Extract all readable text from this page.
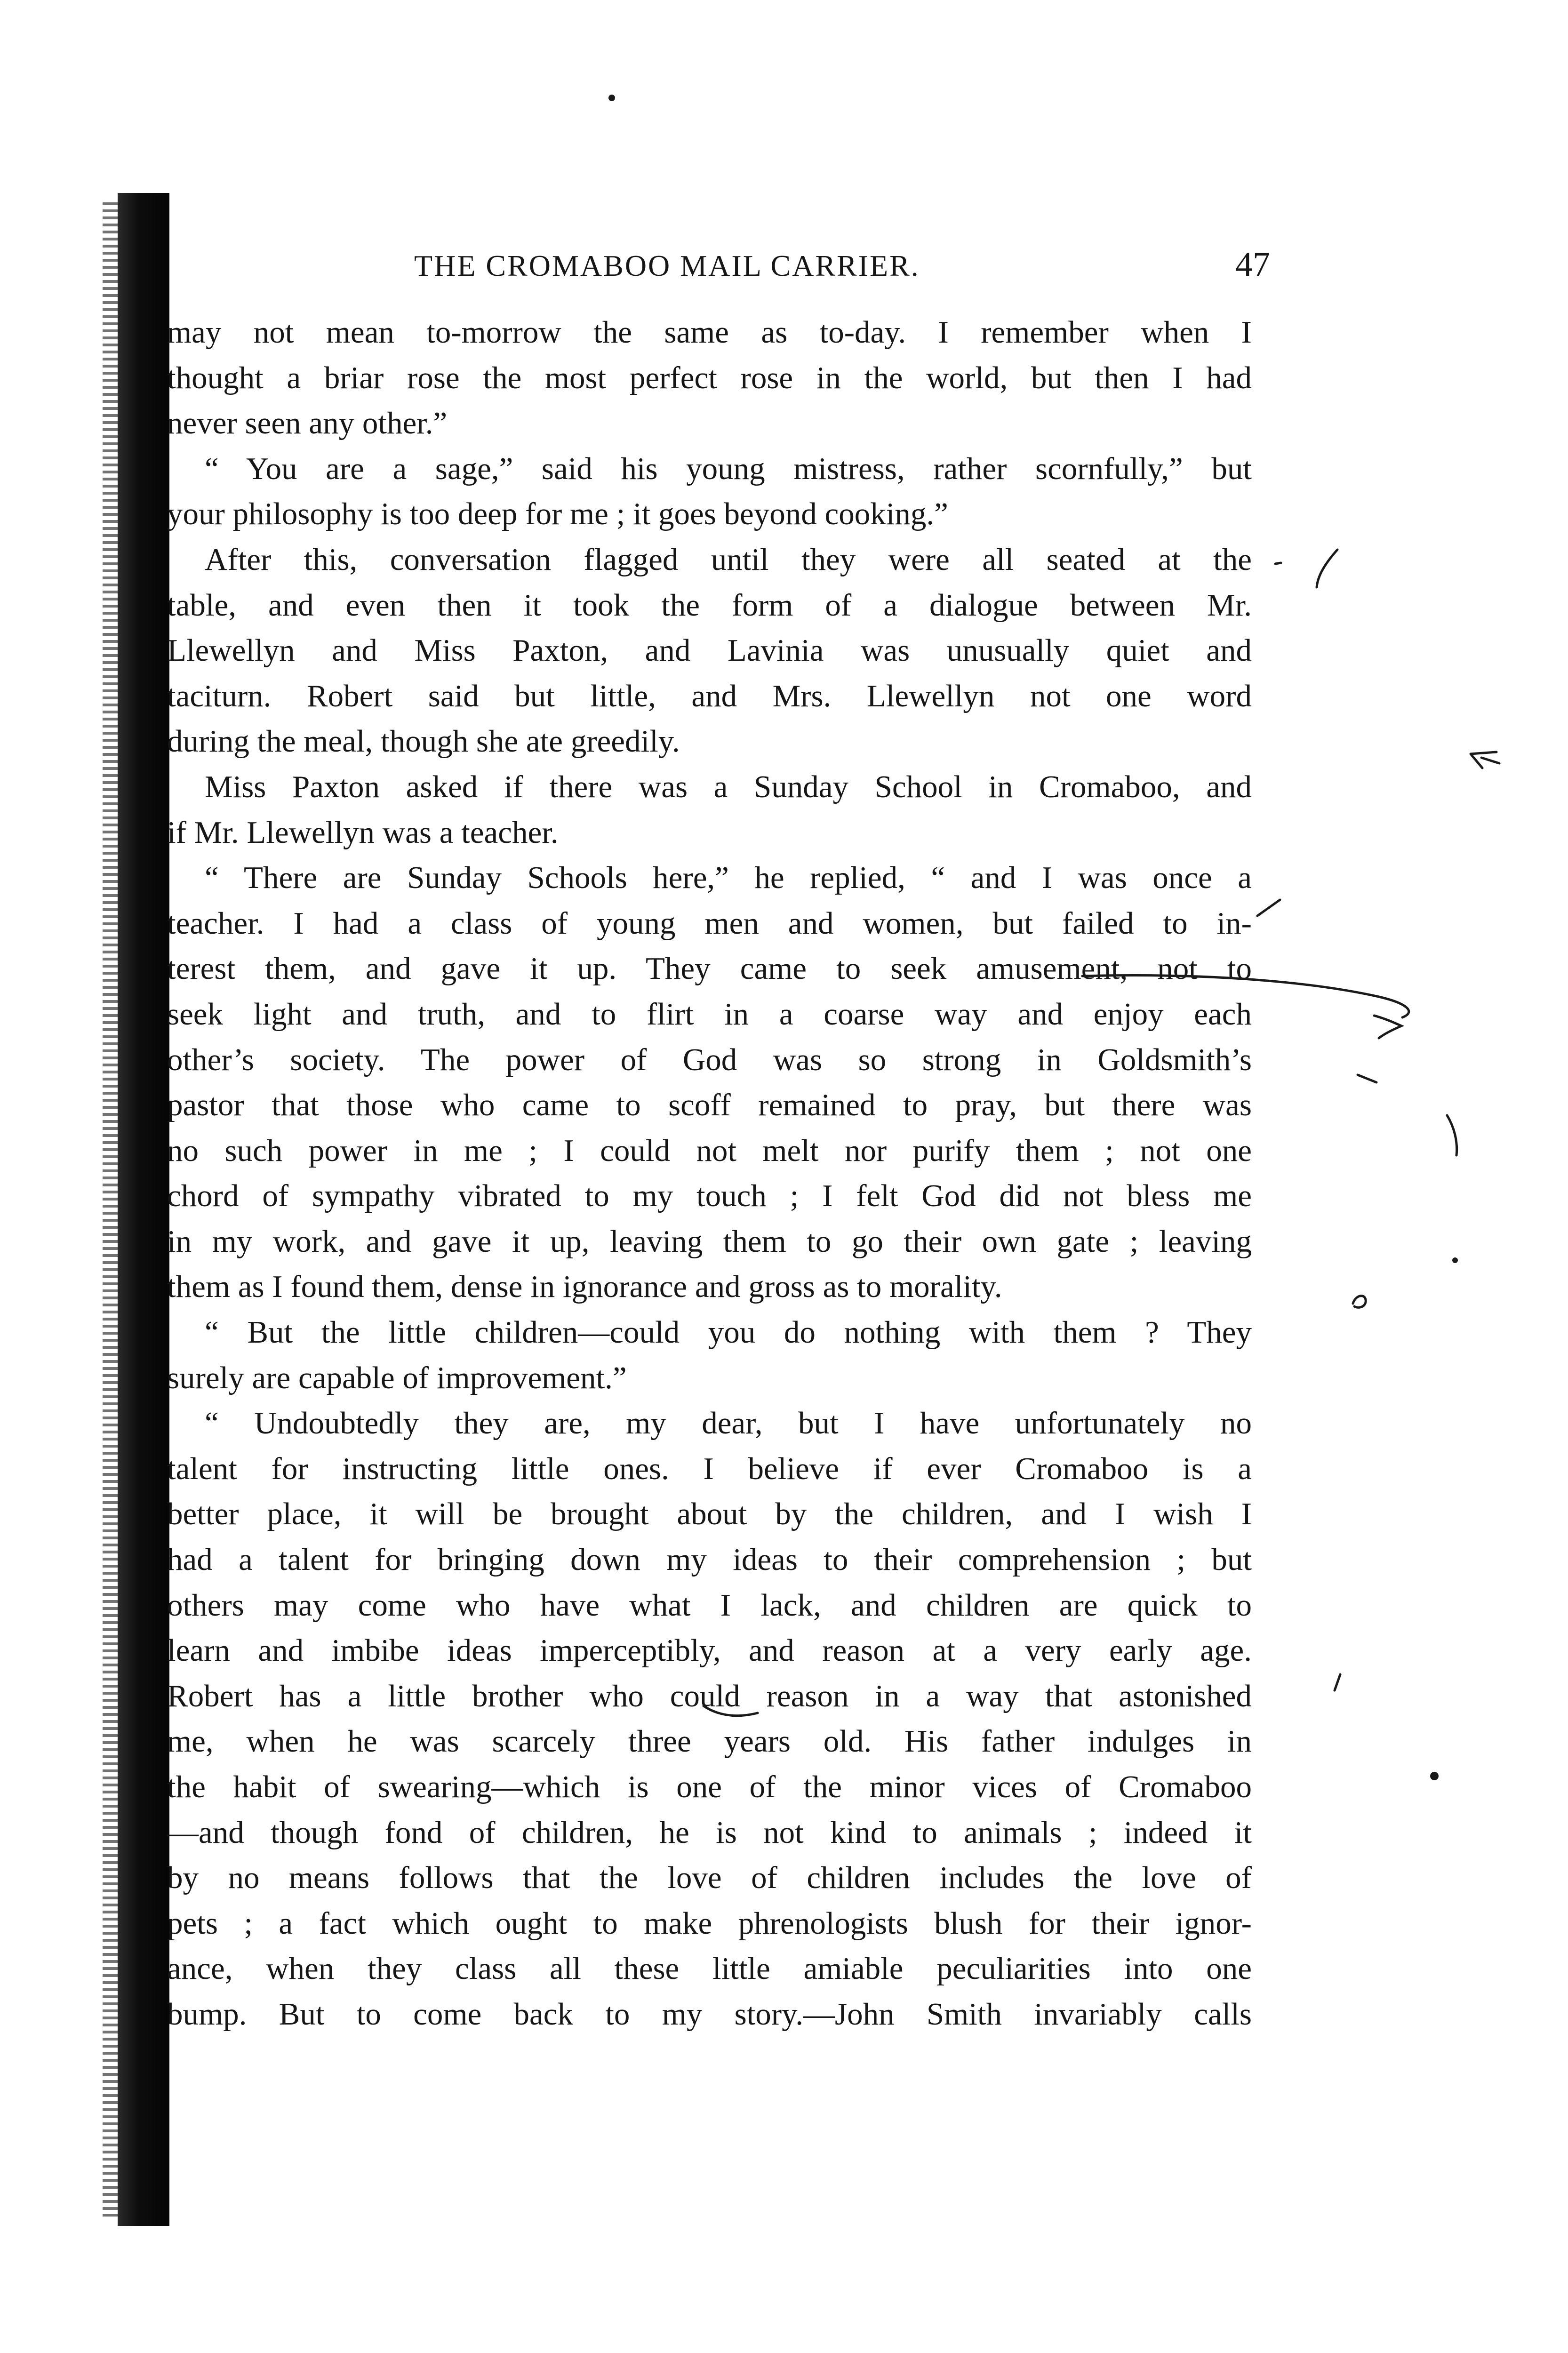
THE CROMABOO MAIL CARRIER.	47

may not mean to-morrow the same as to-day. I remember when I

thought a briar rose the most perfect rose in the world, but then I had

never seen any other.”

“ You are a sage,” said his young mistress, rather scornfully,” but

your philosophy is too deep for me ; it goes beyond cooking.”

After this, conversation flagged until they were all seated at the

table, and even then it took the form of a dialogue between Mr.

Llewellyn and Miss Paxton, and Lavinia was unusually quiet and

taciturn. Robert said but little, and Mrs. Llewellyn not one word

during the meal, though she ate greedily.

Miss Paxton asked if there was a Sunday School in Cromaboo, and

if Mr. Llewellyn was a teacher.

“ There are Sunday Schools here,” he replied, “ and I was once a

teacher. I had a class of young men and women, but failed to in-

terest them, and gave it up. They came to seek amusement, not to

seek light and truth, and to flirt in a coarse way and enjoy each

other’s society. The power of God was so strong in Goldsmith’s

pastor that those who came to scoff remained to pray, but there was

no such power in me ; I could not melt nor purify them ; not one

chord of sympathy vibrated to my touch ; I felt God did not bless me

in my work, and gave it up, leaving them to go their own gate ; leaving

them as I found them, dense in ignorance and gross as to morality.

“ But the little children—could you do nothing with them ? They

surely are capable of improvement.”

“ Undoubtedly they are, my dear, but I have unfortunately no

talent for instructing little ones. I believe if ever Cromaboo is a

better place, it will be brought about by the children, and I wish I

had a talent for bringing down my ideas to their comprehension ; but

others may come who have what I lack, and children are quick to

learn and imbibe ideas imperceptibly, and reason at a very early age.

Robert has a little brother who could reason in a way that astonished

me, when he was scarcely three years old. His father indulges in

the habit of swearing—which is one of the minor vices of Cromaboo

—and though fond of children, he is not kind to animals ; indeed it

by no means follows that the love of children includes the love of

pets ; a fact which ought to make phrenologists blush for their ignor-

ance, when they class all these little amiable peculiarities into one

bump. But to come back to my story.—John Smith invariably calls
